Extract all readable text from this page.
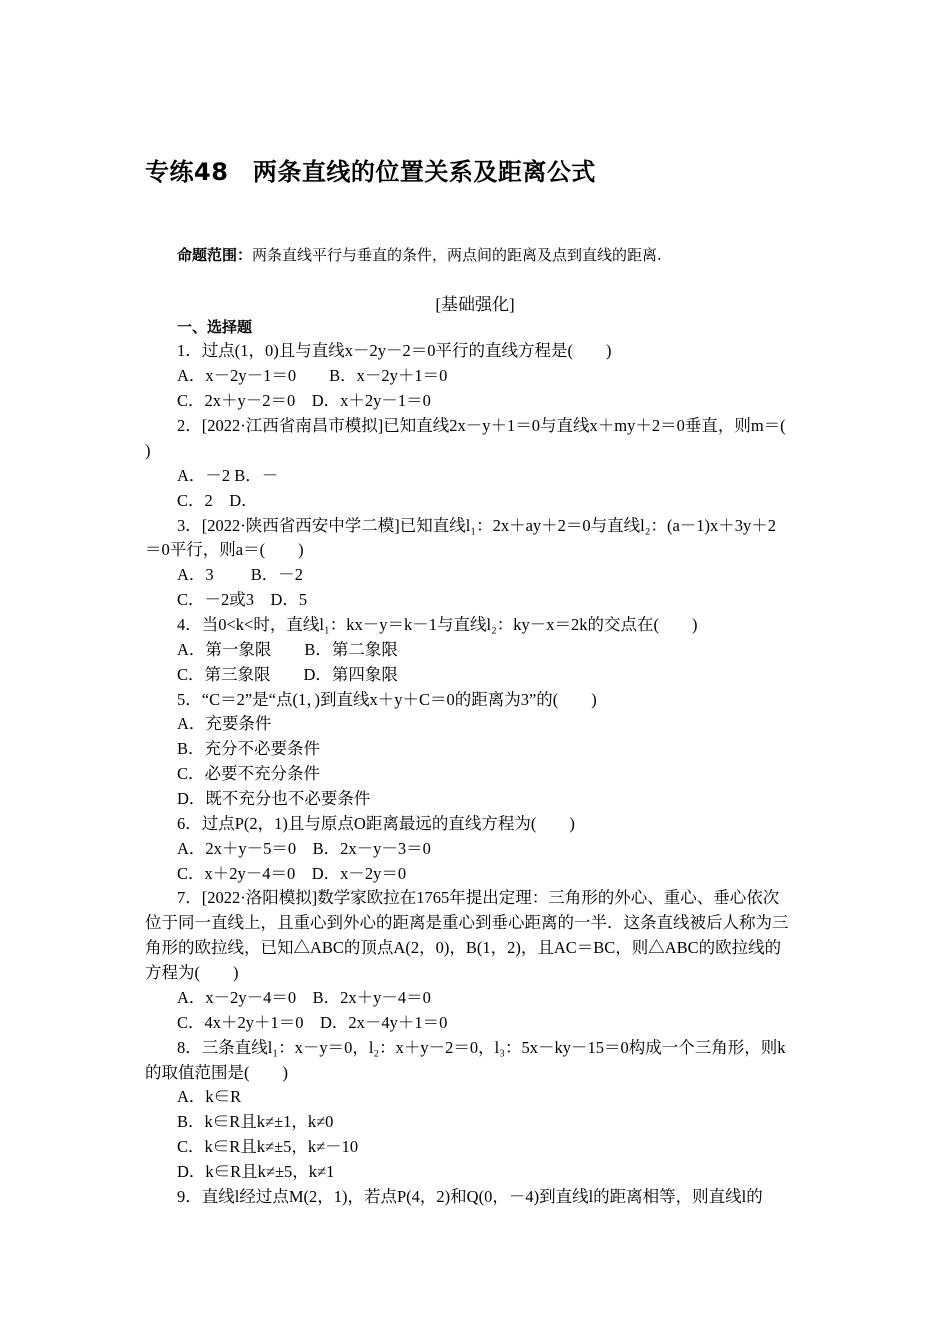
专练48　两条直线的位置关系及距离公式
命题范围：两条直线平行与垂直的条件，两点间的距离及点到直线的距离.
[基础强化]
一、选择题
1．过点(1，0)且与直线x－2y－2＝0平行的直线方程是(　　)
A．x－2y－1＝0　　B．x－2y＋1＝0
C．2x＋y－2＝0　D．x＋2y－1＝0
2．[2022·江西省南昌市模拟]已知直线2x－y＋1＝0与直线x＋my＋2＝0垂直，则m＝(
)
A．－2 B．－
C．2　D．
3．[2022·陕西省西安中学二模]已知直线l₁：2x＋ay＋2＝0与直线l₂：(a－1)x＋3y＋2
＝0平行，则a＝(　　)
A．3　　 B．－2
C．－2或3　D．5
4．当0<k<时，直线l₁：kx－y＝k－1与直线l₂：ky－x＝2k的交点在(　　)
A．第一象限　　B．第二象限
C．第三象限　　D．第四象限
5．“C＝2”是“点(1，)到直线x＋y＋C＝0的距离为3”的(　　)
A．充要条件
B．充分不必要条件
C．必要不充分条件
D．既不充分也不必要条件
6．过点P(2，1)且与原点O距离最远的直线方程为(　　)
A．2x＋y－5＝0　B．2x－y－3＝0
C．x＋2y－4＝0　D．x－2y＝0
7．[2022·洛阳模拟]数学家欧拉在1765年提出定理：三角形的外心、重心、垂心依次
位于同一直线上，且重心到外心的距离是重心到垂心距离的一半．这条直线被后人称为三
角形的欧拉线，已知△ABC的顶点A(2，0)，B(1，2)，且AC＝BC，则△ABC的欧拉线的
方程为(　　)
A．x－2y－4＝0　B．2x＋y－4＝0
C．4x＋2y＋1＝0　D．2x－4y＋1＝0
8．三条直线l₁：x－y＝0，l₂：x＋y－2＝0，l₃：5x－ky－15＝0构成一个三角形，则k
的取值范围是(　　)
A．k∈R
B．k∈R且k≠±1，k≠0
C．k∈R且k≠±5，k≠－10
D．k∈R且k≠±5，k≠1
9．直线l经过点M(2，1)，若点P(4，2)和Q(0，－4)到直线l的距离相等，则直线l的
